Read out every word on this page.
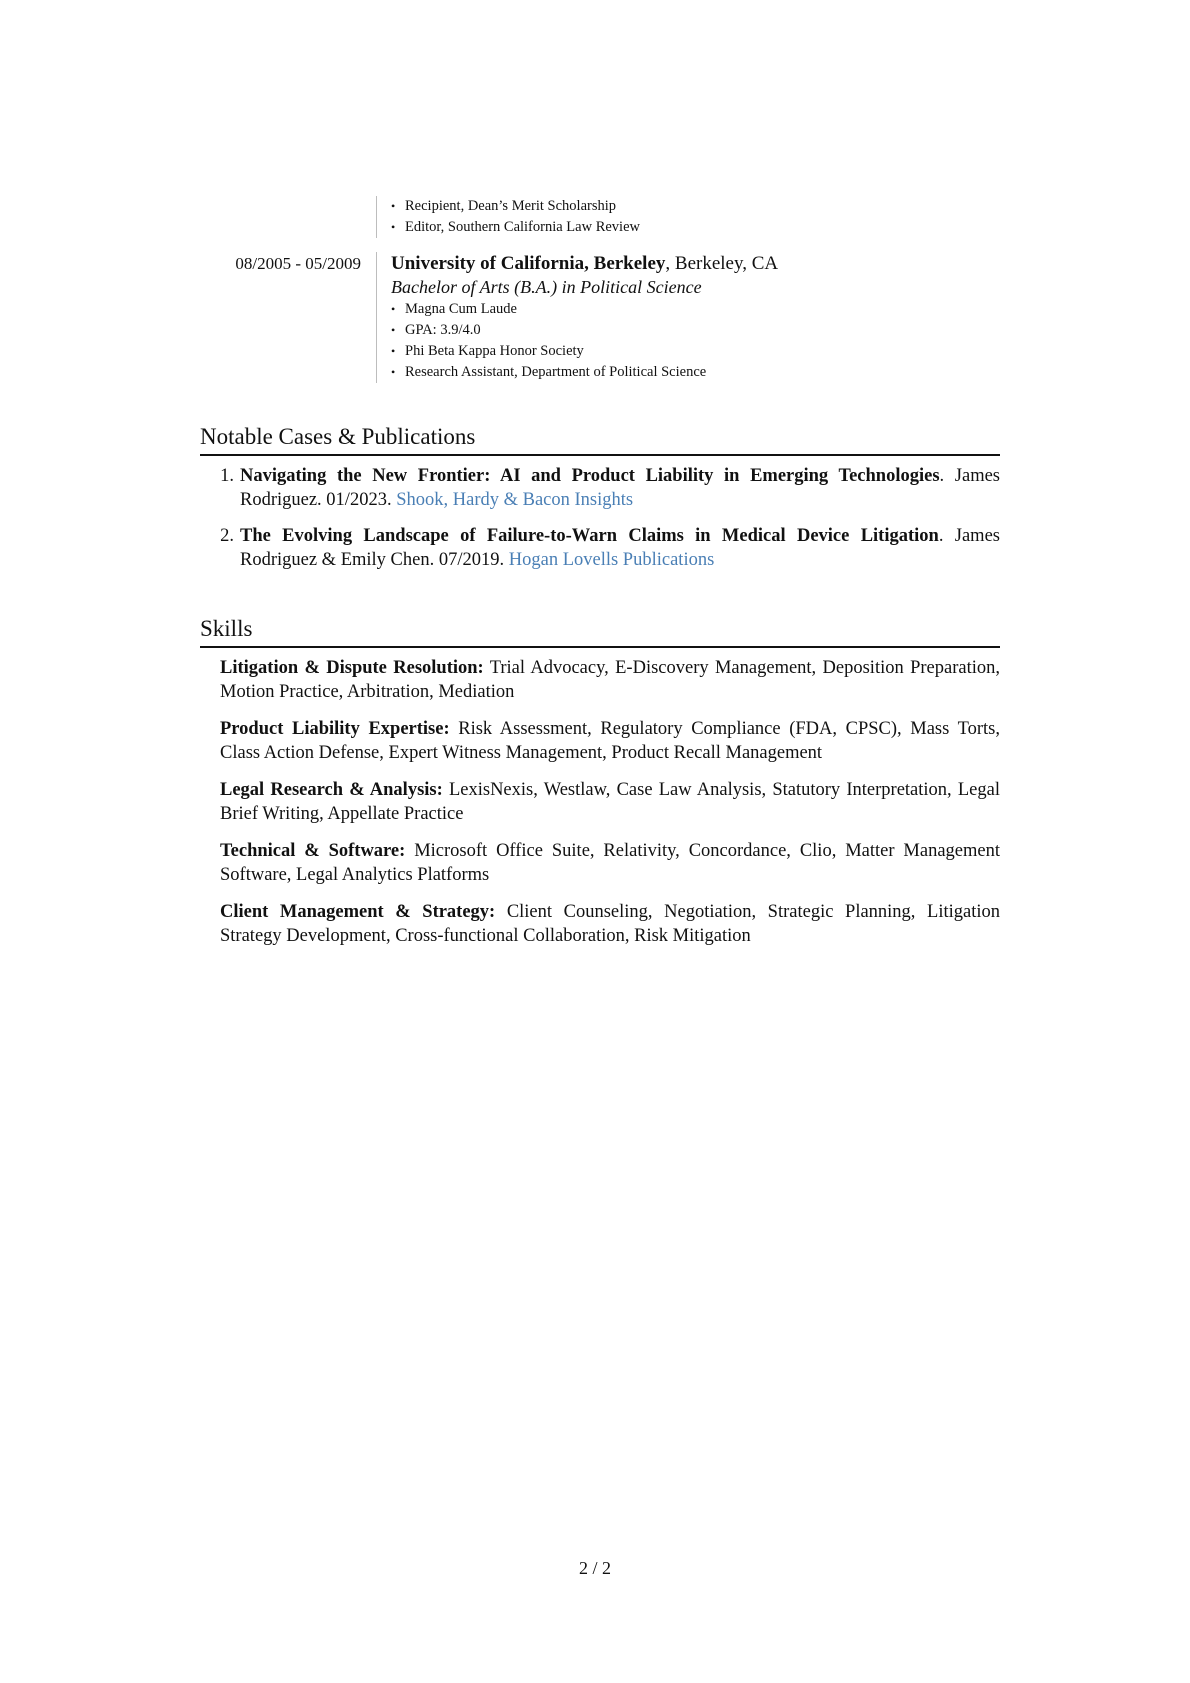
• Recipient, Dean’s Merit Scholarship
• Editor, Southern California Law Review
08/2005 - 05/2009	University of California, Berkeley, Berkeley, CA
Bachelor of Arts (B.A.) in Political Science
• Magna Cum Laude
• GPA: 3.9/4.0
• Phi Beta Kappa Honor Society
• Research Assistant, Department of Political Science
Notable Cases & Publications
1. Navigating the New Frontier: AI and Product Liability in Emerging Technologies. James Rodriguez. 01/2023. Shook, Hardy & Bacon Insights
2. The Evolving Landscape of Failure-to-Warn Claims in Medical Device Litigation. James Rodriguez & Emily Chen. 07/2019. Hogan Lovells Publications
Skills

Litigation & Dispute Resolution: Trial Advocacy, E-Discovery Management, Deposition Preparation, Motion Practice, Arbitration, Mediation

Product Liability Expertise: Risk Assessment, Regulatory Compliance (FDA, CPSC), Mass Torts, Class Action Defense, Expert Witness Management, Product Recall Management

Legal Research & Analysis: LexisNexis, Westlaw, Case Law Analysis, Statutory Interpretation, Legal Brief Writing, Appellate Practice

Technical & Software: Microsoft Office Suite, Relativity, Concordance, Clio, Matter Management Software, Legal Analytics Platforms

Client Management & Strategy: Client Counseling, Negotiation, Strategic Planning, Litigation Strategy Development, Cross-functional Collaboration, Risk Mitigation

2 / 2
